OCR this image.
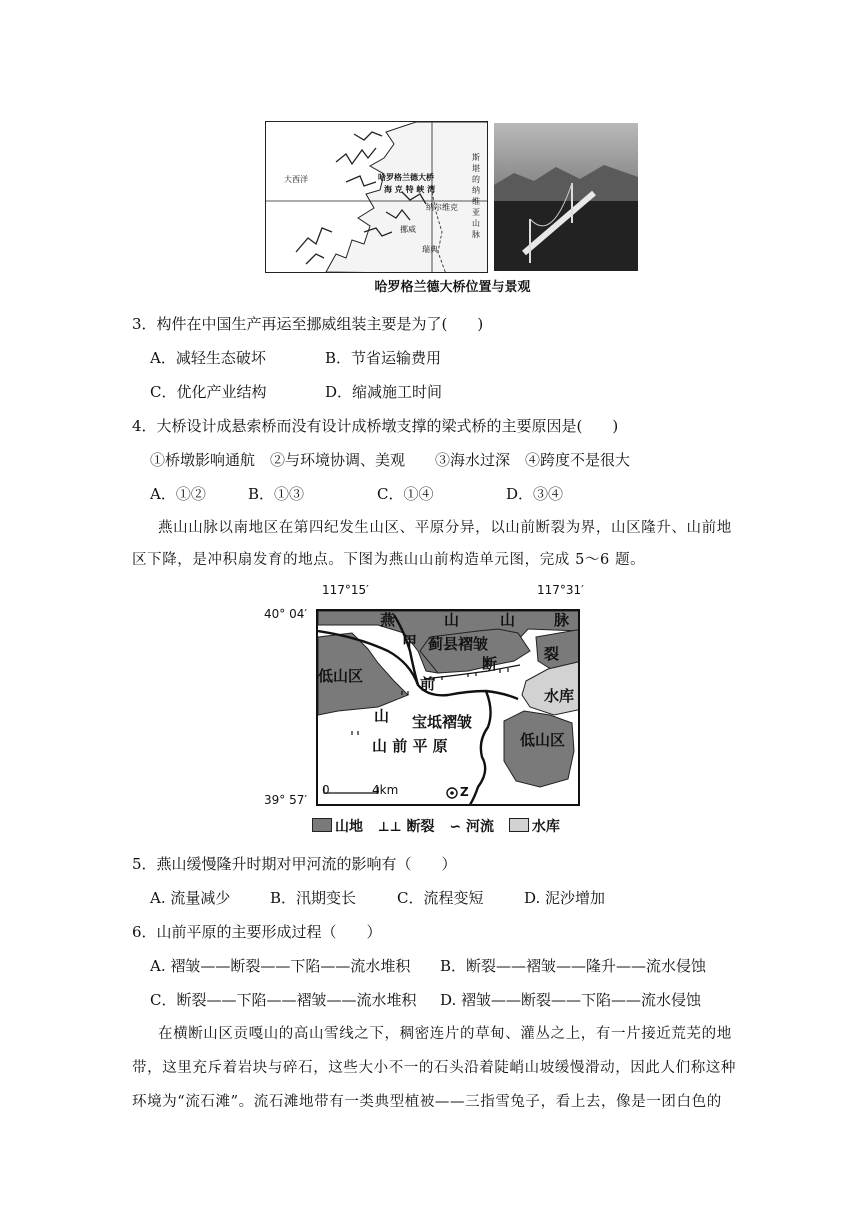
大西洋	哈罗格兰德大桥
海 克 特 峡 湾
纳尔维克
挪威
瑞典
斯
堪
的
纳
维
亚
山
脉
哈罗格兰德大桥位置与景观
3．构件在中国生产再运至挪威组装主要是为了(　　)
A．减轻生态破坏	B．节省运输费用
C．优化产业结构	D．缩减施工时间
4．大桥设计成悬索桥而没有设计成桥墩支撑的梁式桥的主要原因是(　　)
①桥墩影响通航　②与环境协调、美观　　③海水过深　④跨度不是很大
A．①②	B．①③	C．①④	D．③④
燕山山脉以南地区在第四纪发生山区、平原分异，以山前断裂为界，山区隆升、山前地
区下降，是冲积扇发育的地点。下图为燕山山前构造单元图，完成 5～6 题。
117°15′	117°31′
40° 04′
39° 57′
燕	山	山	脉
甲 蓟县褶皱
断
裂
前
山
低山区
水库
宝坻褶皱
山 前 平 原	低山区
0	4km	Z
山地 ⊥⊥ 断裂 ∽ 河流	水库
5．燕山缓慢隆升时期对甲河流的影响有（　　）
A. 流量减少	B．汛期变长	C．流程变短	D. 泥沙增加
6．山前平原的主要形成过程（　　）
A. 褶皱——断裂——下陷——流水堆积 B．断裂——褶皱——隆升——流水侵蚀
C．断裂——下陷——褶皱——流水堆积 D. 褶皱——断裂——下陷——流水侵蚀
在横断山区贡嘎山的高山雪线之下，稠密连片的草甸、灌丛之上，有一片接近荒芜的地
带，这里充斥着岩块与碎石，这些大小不一的石头沿着陡峭山坡缓慢滑动，因此人们称这种
环境为“流石滩”。流石滩地带有一类典型植被——三指雪兔子，看上去，像是一团白色的
